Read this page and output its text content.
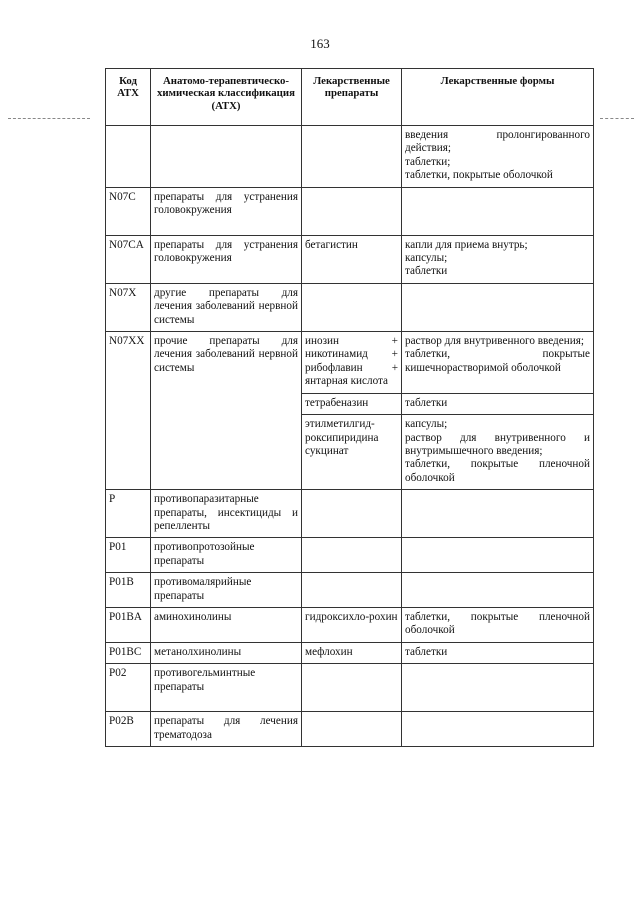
163
Код АТХ	Анатомо-терапевтическо-химическая классификация (АТХ)	Лекарственные препараты	Лекарственные формы

			введения пролонгированного действия;
таблетки;
таблетки, покрытые оболочкой

N07C	препараты для устранения головокружения		
N07CA	препараты для устранения головокружения	бетагистин	капли для приема внутрь;
капсулы;
таблетки

N07X	другие препараты для лечения заболеваний нервной системы		
N07XX	прочие препараты для лечения заболеваний нервной системы	инозин + никотинамид + рибофлавин + янтарная кислота	раствор для внутривенного введения;
таблетки, покрытые кишечнорастворимой оболочкой

		тетрабеназин	таблетки

		этилметилгид-роксипиридина сукцинат	капсулы;
раствор для внутривенного и внутримышечного введения;
таблетки, покрытые пленочной оболочкой

P	противопаразитарные препараты, инсектициды и репелленты		
P01	противопротозойные препараты		
P01B	противомалярийные препараты		
P01BA	аминохинолины	гидроксихло-рохин	таблетки, покрытые пленочной оболочкой

P01BC	метанолхинолины	мефлохин	таблетки

P02	противогельминтные препараты		
P02B	препараты для лечения трематодоза		
